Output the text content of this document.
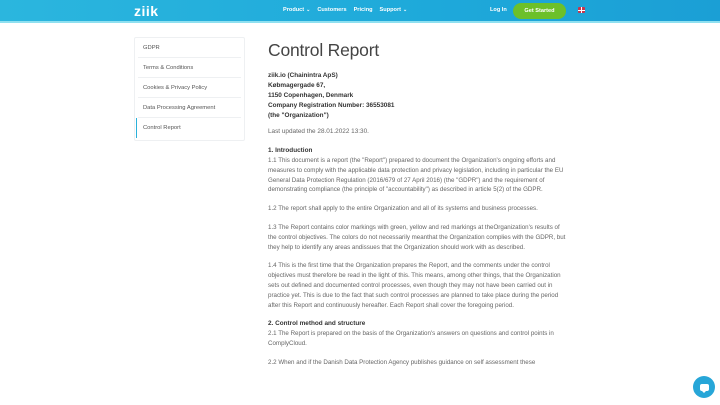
ziik	Product ⌄ Customers Pricing Support ⌄	Log In	Get Started
GDPR
Terms & Conditions
Cookies & Privacy Policy
Data Processing Agreement
Control Report
Control Report
ziik.io (Chainintra ApS)
Købmagergade 67,
1150 Copenhagen, Denmark
Company Registration Number: 36553081
(the "Organization")
Last updated the 28.01.2022 13:30.
1. Introduction
1.1 This document is a report (the "Report") prepared to document the Organization's ongoing efforts and measures to comply with the applicable data protection and privacy legislation, including in particular the EU General Data Protection Regulation (2016/679 of 27 April 2016) (the "GDPR") and the requirement of demonstrating compliance (the principle of "accountability") as described in article 5(2) of the GDPR.
1.2 The report shall apply to the entire Organization and all of its systems and business processes.
1.3 The Report contains color markings with green, yellow and red markings at theOrganization's results of the control objectives. The colors do not necessarily meanthat the Organization complies with the GDPR, but they help to identify any areas andissues that the Organization should work with as described.
1.4 This is the first time that the Organization prepares the Report, and the comments under the control objectives must therefore be read in the light of this. This means, among other things, that the Organization sets out defined and documented control processes, even though they may not have been carried out in practice yet. This is due to the fact that such control processes are planned to take place during the period after this Report and continuously hereafter. Each Report shall cover the foregoing period.
2. Control method and structure
2.1 The Report is prepared on the basis of the Organization's answers on questions and control points in ComplyCloud.
2.2 When and if the Danish Data Protection Agency publishes guidance on self assessment these
